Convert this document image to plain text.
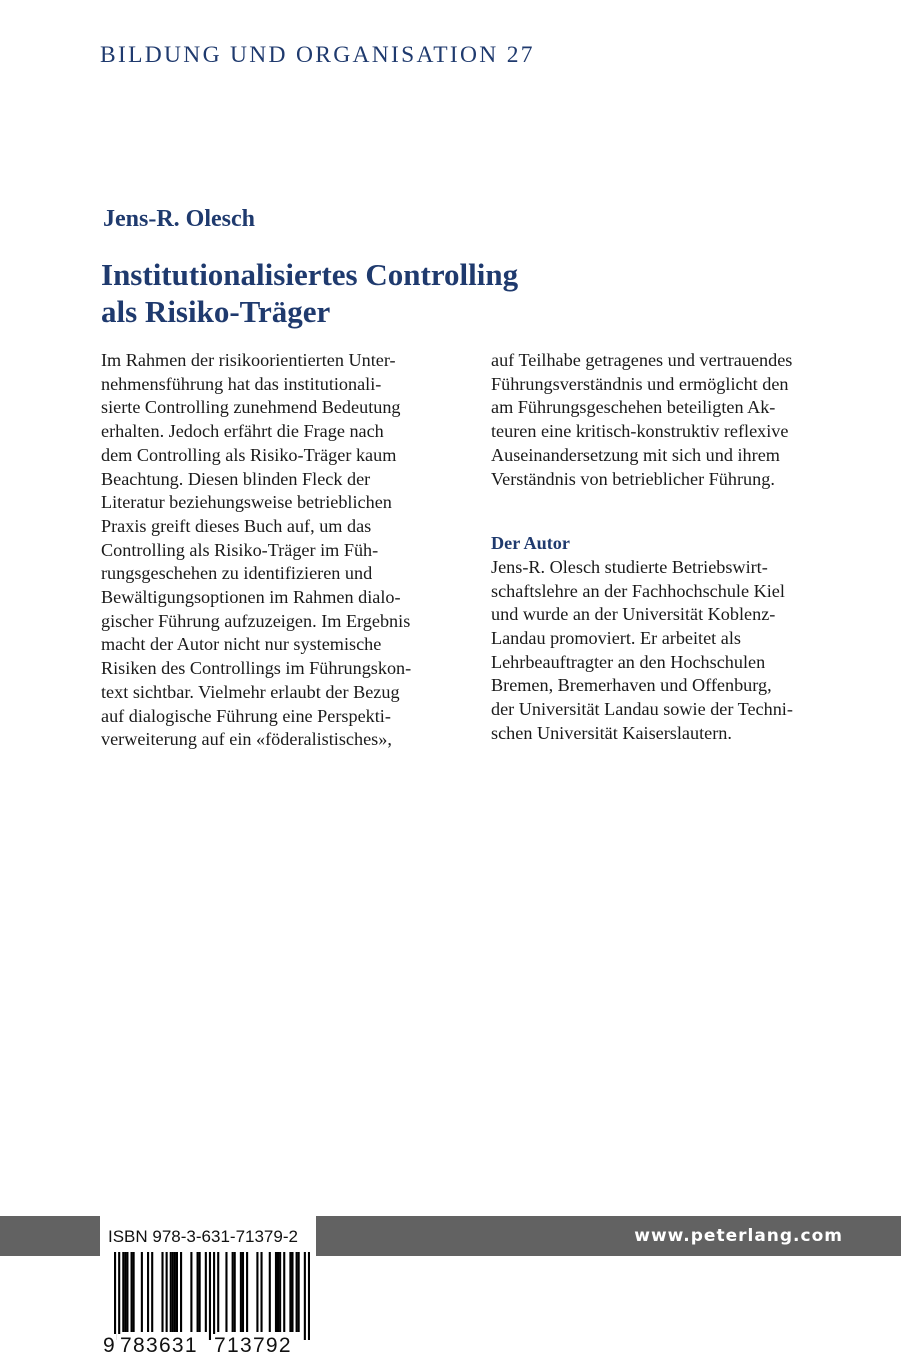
BILDUNG UND ORGANISATION 27
Jens-R. Olesch
Institutionalisiertes Controlling
als Risiko-Träger
Im Rahmen der risikoorientierten Unter-
nehmensführung hat das institutionali-
sierte Controlling zunehmend Bedeutung
erhalten. Jedoch erfährt die Frage nach
dem Controlling als Risiko-Träger kaum
Beachtung. Diesen blinden Fleck der
Literatur beziehungsweise betrieblichen
Praxis greift dieses Buch auf, um das
Controlling als Risiko-Träger im Füh-
rungsgeschehen zu identifizieren und
Bewältigungsoptionen im Rahmen dialo-
gischer Führung aufzuzeigen. Im Ergebnis
macht der Autor nicht nur systemische
Risiken des Controllings im Führungskon-
text sichtbar. Vielmehr erlaubt der Bezug
auf dialogische Führung eine Perspekti-
verweiterung auf ein «föderalistisches»,
auf Teilhabe getragenes und vertrauendes
Führungsverständnis und ermöglicht den
am Führungsgeschehen beteiligten Ak-
teuren eine kritisch-konstruktiv reflexive
Auseinandersetzung mit sich und ihrem
Verständnis von betrieblicher Führung.
Der Autor
Jens-R. Olesch studierte Betriebswirt-
schaftslehre an der Fachhochschule Kiel
und wurde an der Universität Koblenz-
Landau promoviert. Er arbeitet als
Lehrbeauftragter an den Hochschulen
Bremen, Bremerhaven und Offenburg,
der Universität Landau sowie der Techni-
schen Universität Kaiserslautern.
www.peterlang.com
ISBN 978-3-631-71379-2
9 783631 713792
